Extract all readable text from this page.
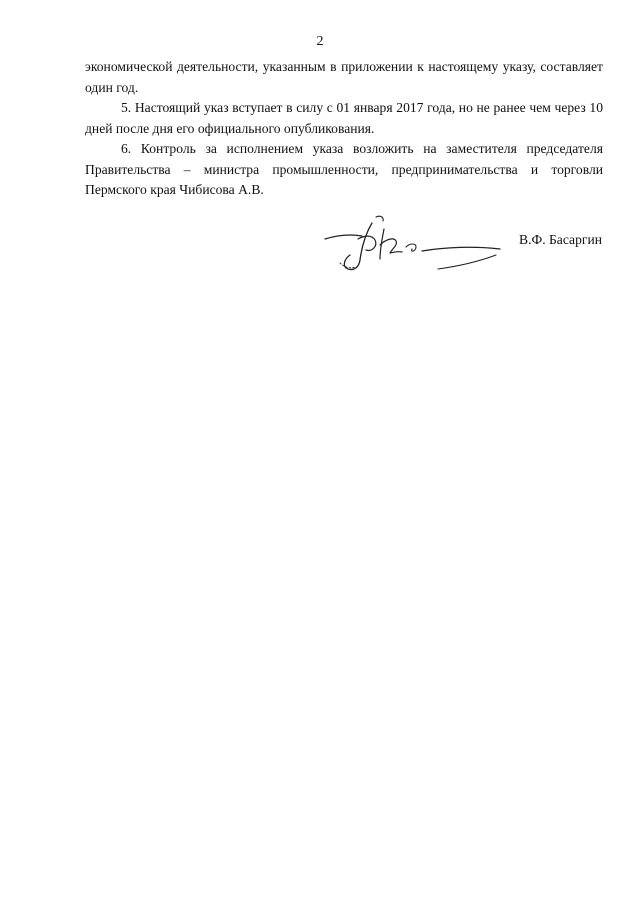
2

экономической деятельности, указанным в приложении к настоящему указу, составляет один год.

5. Настоящий указ вступает в силу с 01 января 2017 года, но не ранее чем через 10 дней после дня его официального опубликования.

6. Контроль за исполнением указа возложить на заместителя председателя Правительства – министра промышленности, предпринимательства и торговли Пермского края Чибисова А.В.

В.Ф. Басаргин
